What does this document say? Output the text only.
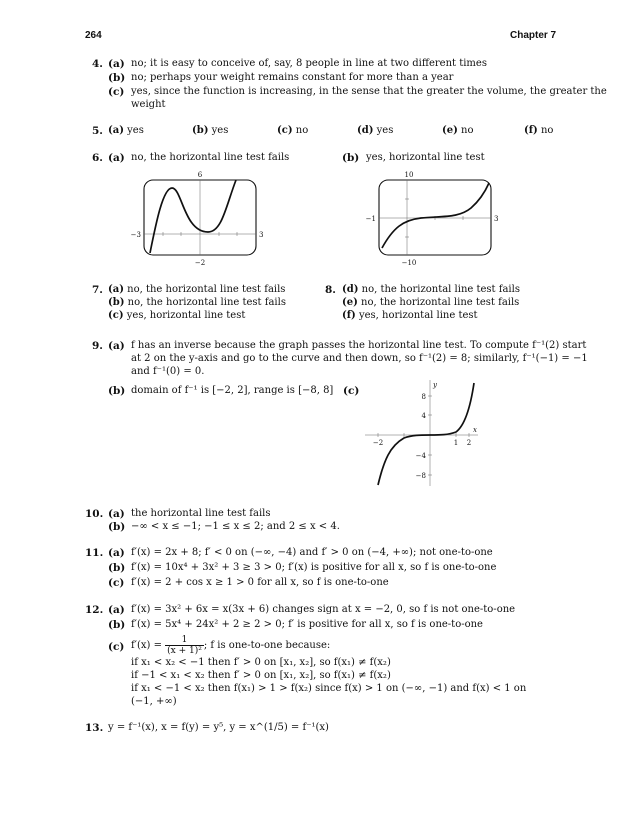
264	Chapter 7
4. (a) no; it is easy to conceive of, say, 8 people in line at two different times
(b) no; perhaps your weight remains constant for more than a year
(c) yes, since the function is increasing, in the sense that the greater the volume, the greater the
weight
5. (a) yes	(b) yes	(c) no	(d) yes	(e) no	(f) no
6. (a) no, the horizontal line test fails	(b) yes, horizontal line test
6
−2
−3	3
10
−10
−1	3
7. (a) no, the horizontal line test fails
(b) no, the horizontal line test fails
(c) yes, horizontal line test
8. (d) no, the horizontal line test fails
(e) no, the horizontal line test fails
(f) yes, horizontal line test
9. (a) f has an inverse because the graph passes the horizontal line test. To compute f⁻¹(2) start
at 2 on the y-axis and go to the curve and then down, so f⁻¹(2) = 8; similarly, f⁻¹(−1) = −1
and f⁻¹(0) = 0.
(b) domain of f⁻¹ is [−2, 2], range is [−8, 8] (c)	y
x
8
4
−4
−8
−2	1 2
10. (a) the horizontal line test fails
(b) −∞ < x ≤ −1; −1 ≤ x ≤ 2; and 2 ≤ x < 4.
11. (a) f′(x) = 2x + 8; f′ < 0 on (−∞, −4) and f′ > 0 on (−4, +∞); not one-to-one
(b) f′(x) = 10x⁴ + 3x² + 3 ≥ 3 > 0; f′(x) is positive for all x, so f is one-to-one
(c) f′(x) = 2 + cos x ≥ 1 > 0 for all x, so f is one-to-one
12. (a) f′(x) = 3x² + 6x = x(3x + 6) changes sign at x = −2, 0, so f is not one-to-one
(b) f′(x) = 5x⁴ + 24x² + 2 ≥ 2 > 0; f′ is positive for all x, so f is one-to-one
(c) $f'(x) = \frac{1}{\text{(x + 1)²}}$ ; f is one-to-one because:
if x₁ < x₂ < −1 then f′ > 0 on [x₁, x₂], so f(x₁) ≠ f(x₂)
if −1 < x₁ < x₂ then f′ > 0 on [x₁, x₂], so f(x₁) ≠ f(x₂)
if x₁ < −1 < x₂ then f(x₁) > 1 > f(x₂) since f(x) > 1 on (−∞, −1) and f(x) < 1 on
(−1, +∞)
13. y = f⁻¹(x), x = f(y) = y⁵, y = x^(1/5) = f⁻¹(x)
